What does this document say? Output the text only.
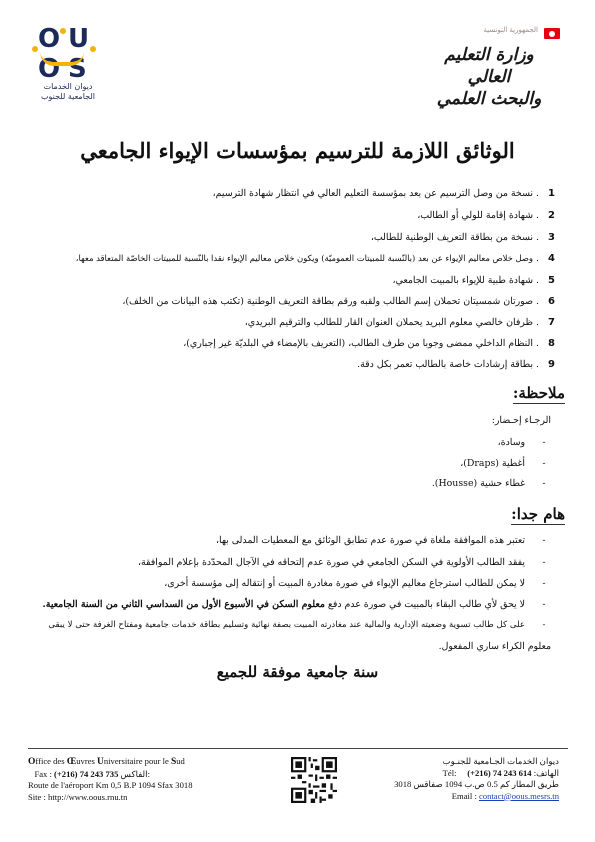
O U
O S
ديوان الخدمات
الجامعية للجنوب
الجمهورية التونسية
وزارة التعليم العالي
والبحث العلمي
الوثائق اللازمة للترسيم بمؤسسات الإيواء الجامعي
1. نسخة من وصل الترسيم عن بعد بمؤسسة التعليم العالي في انتظار شهادة الترسيم،
2. شهادة إقامة للولي أو الطالب،
3. نسخة من بطاقة التعريف الوطنية للطالب،
4. وصل خلاص معاليم الإيواء عن بعد (بالنّسبة للمبيتات العموميّة) ويكون خلاص معاليم الإيواء نقدا بالنّسبة للمبيتات الخاصّة المتعاقد معها،
5. شهادة طبية للإيواء بالمبيت الجامعي،
6. صورتان شمسيتان تحملان إسم الطالب ولقبه ورقم بطاقة التعريف الوطنية (تكتب هذه البيانات من الخلف)،
7. ظرفان خالصي معلوم البريد يحملان العنوان القار للطالب والترقيم البريدي،
8. النظام الداخلي ممضى وجوبا من طرف الطالب، (التعريف بالإمضاء في البلديّة غير إجباري)،
9. بطاقة إرشادات خاصة بالطالب تعمر بكل دقة.
ملاحظة:
الرجـاء إحـضار:
-وسادة،
-أغطية (Draps)،
-غطاء حشية (Housse).
هام جدا:
-تعتبر هذه الموافقة ملغاة في صورة عدم تطابق الوثائق مع المعطيات المدلى بها،
-يفقد الطالب الأولوية في السكن الجامعي في صورة عدم إلتحاقه في الآجال المحدّدة بإعلام الموافقة،
-لا يمكن للطالب استرجاع معاليم الإيواء في صورة مغادرة المبيت أو إنتقاله إلى مؤسسة أخرى،
-لا يحق لأي طالب البقاء بالمبيت في صورة عدم دفع معلوم السكن في الأسبوع الأول من السداسي الثاني من السنة الجامعية.
-على كل طالب تسوية وضعيته الإدارية والمالية عند مغادرته المبيت بصفة نهائية وتسليم بطاقة خدمات جامعية ومفتاح الغرفة حتى لا يبقى
معلوم الكراء ساري المفعول.
سنة جامعية موفقة للجميع
Office des Œuvres Universitaire pour le Sud
Fax : (+216) 74 243 735 الفاكس:
Route de l'aéroport Km 0,5 B.P 1094 Sfax 3018
Site : http://www.oous.rnu.tn
ديوان الخدمات الجـامعية للجنـوب
الهاتف: (+216) 74 243 614     Tél:
طريق المطار كم 0.5 ص.ب 1094 صفاقس 3018
Email : contact@oous.mesrs.tn
